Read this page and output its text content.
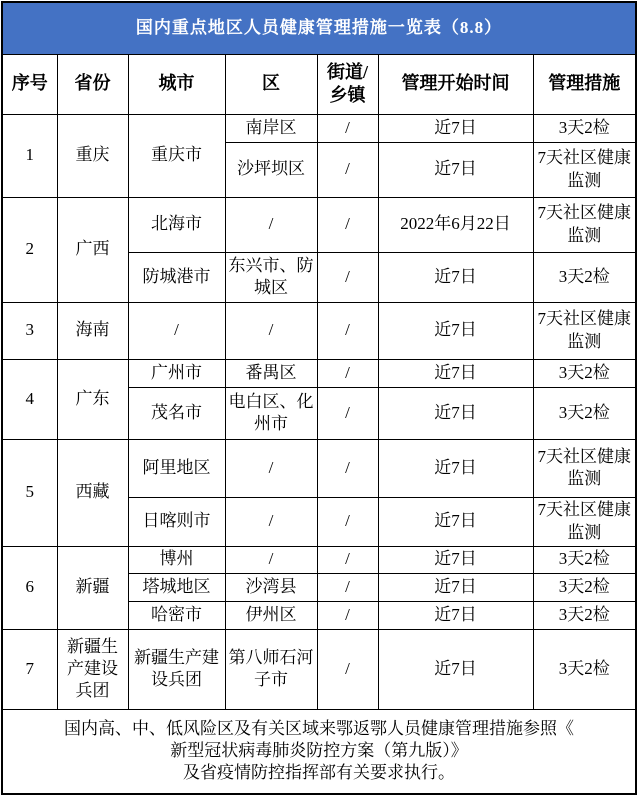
国内重点地区人员健康管理措施一览表（8.8）						
序号	省份	城市	区	街道/乡镇	管理开始时间	管理措施
1	重庆	重庆市	南岸区	/	近7日	3天2检
			沙坪坝区	/	近7日	7天社区健康监测
2	广西	北海市	/	/	2022年6月22日	7天社区健康监测
		防城港市	东兴市、防城区	/	近7日	3天2检
3	海南	/	/	/	近7日	7天社区健康监测
4	广东	广州市	番禺区	/	近7日	3天2检
		茂名市	电白区、化州市	/	近7日	3天2检
5	西藏	阿里地区	/	/	近7日	7天社区健康监测
		日喀则市	/	/	近7日	7天社区健康监测
6	新疆	博州	/	/	近7日	3天2检
		塔城地区	沙湾县	/	近7日	3天2检
		哈密市	伊州区	/	近7日	3天2检
7	新疆生产建设兵团	新疆生产建设兵团	第八师石河子市	/	近7日	3天2检

国内高、中、低风险区及有关区域来鄂返鄂人员健康管理措施参照《
新型冠状病毒肺炎防控方案（第九版）》
及省疫情防控指挥部有关要求执行。						
